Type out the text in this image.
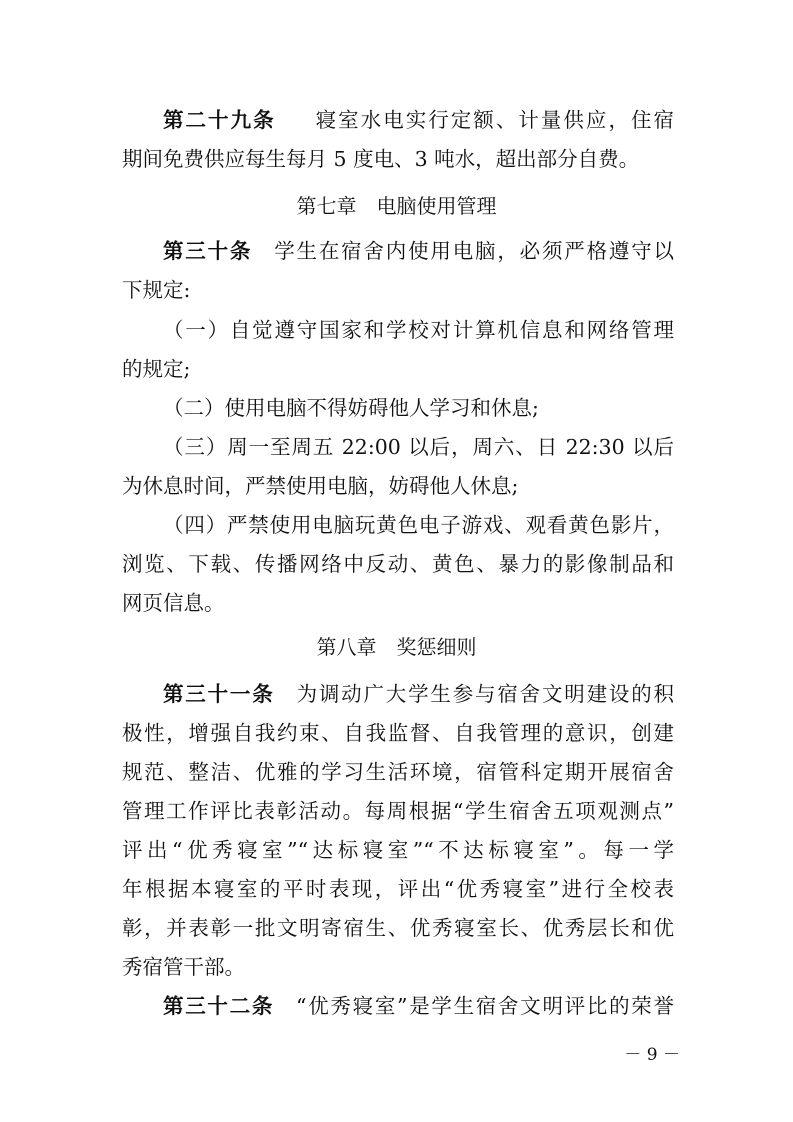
第二十九条 寝室水电实行定额、计量供应，住宿
期间免费供应每生每月 5 度电、3 吨水，超出部分自费。
第七章　电脑使用管理
第三十条 学生在宿舍内使用电脑，必须严格遵守以
下规定:
（一）自觉遵守国家和学校对计算机信息和网络管理
的规定;
（二）使用电脑不得妨碍他人学习和休息;
（三）周一至周五 22:00 以后，周六、日 22:30 以后
为休息时间，严禁使用电脑，妨碍他人休息;
（四）严禁使用电脑玩黄色电子游戏、观看黄色影片，
浏览、下载、传播网络中反动、黄色、暴力的影像制品和
网页信息。
第八章　奖惩细则
第三十一条 为调动广大学生参与宿舍文明建设的积
极性，增强自我约束、自我监督、自我管理的意识，创建
规范、整洁、优雅的学习生活环境，宿管科定期开展宿舍
管理工作评比表彰活动。每周根据“学生宿舍五项观测点”
评出“优秀寝室”“达标寝室”“不达标寝室”。每一学
年根据本寝室的平时表现，评出“优秀寝室”进行全校表
彰，并表彰一批文明寄宿生、优秀寝室长、优秀层长和优
秀宿管干部。
第三十二条 “优秀寝室”是学生宿舍文明评比的荣誉
－ 9 －
